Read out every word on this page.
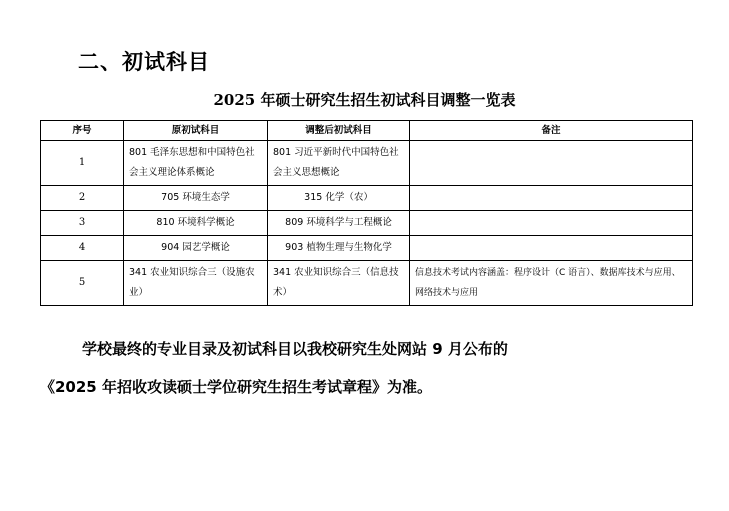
二、初试科目
2025 年硕士研究生招生初试科目调整一览表
序号	原初试科目	调整后初试科目	备注
1	801 毛泽东思想和中国特色社会主义理论体系概论	801 习近平新时代中国特色社会主义思想概论	
2	705 环境生态学	315 化学（农）	
3	810 环境科学概论	809 环境科学与工程概论	
4	904 园艺学概论	903 植物生理与生物化学	
5	341 农业知识综合三（设施农业）	341 农业知识综合三（信息技术）	信息技术考试内容涵盖：程序设计（C 语言）、数据库技术与应用、网络技术与应用
学校最终的专业目录及初试科目以我校研究生处网站 9 月公布的
《2025 年招收攻读硕士学位研究生招生考试章程》为准。
